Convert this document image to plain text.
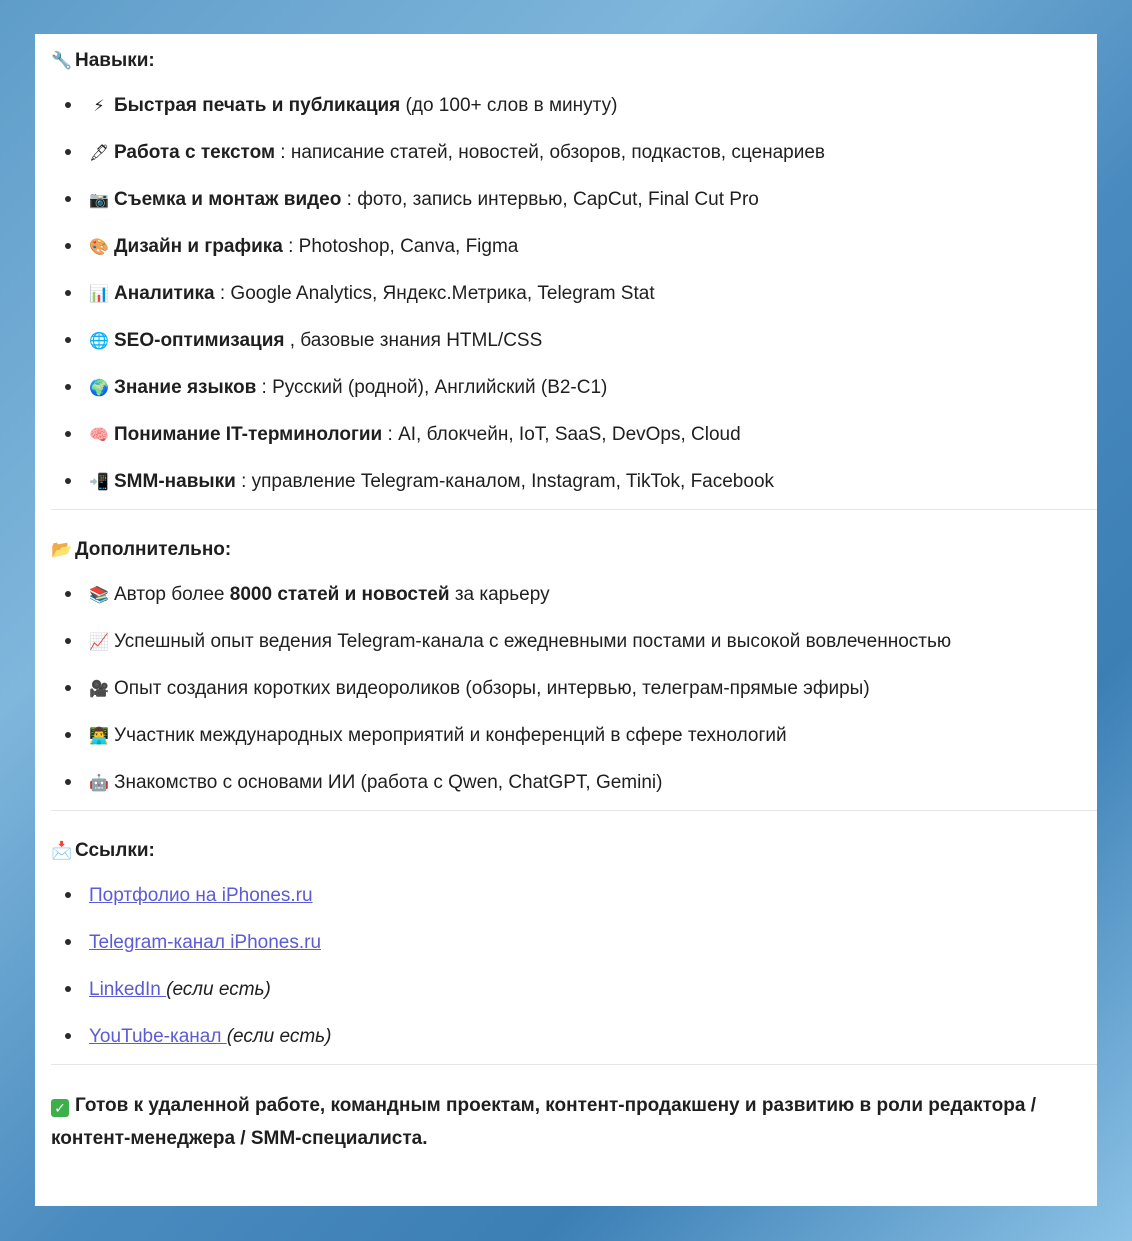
🔧 Навыки:
⚡ Быстрая печать и публикация (до 100+ слов в минуту)
🖋 Работа с текстом : написание статей, новостей, обзоров, подкастов, сценариев
📷 Съемка и монтаж видео : фото, запись интервью, CapCut, Final Cut Pro
🎨 Дизайн и графика : Photoshop, Canva, Figma
📊 Аналитика : Google Analytics, Яндекс.Метрика, Telegram Stat
🌐 SEO-оптимизация , базовые знания HTML/CSS
🌍 Знание языков : Русский (родной), Английский (B2-C1)
🧠 Понимание IT-терминологии : AI, блокчейн, IoT, SaaS, DevOps, Cloud
📲 SMM-навыки : управление Telegram-каналом, Instagram, TikTok, Facebook
📂 Дополнительно:
📚 Автор более 8000 статей и новостей за карьеру
📈 Успешный опыт ведения Telegram-канала с ежедневными постами и высокой вовлеченностью
🎥 Опыт создания коротких видеороликов (обзоры, интервью, телеграм-прямые эфиры)
👨‍💻 Участник международных мероприятий и конференций в сфере технологий
🤖 Знакомство с основами ИИ (работа с Qwen, ChatGPT, Gemini)
📩 Ссылки:
Портфолио на iPhones.ru
Telegram-канал iPhones.ru
LinkedIn (если есть)
YouTube-канал (если есть)
✓ Готов к удаленной работе, командным проектам, контент-продакшену и развитию в роли редактора / контент-менеджера / SMM-специалиста.
